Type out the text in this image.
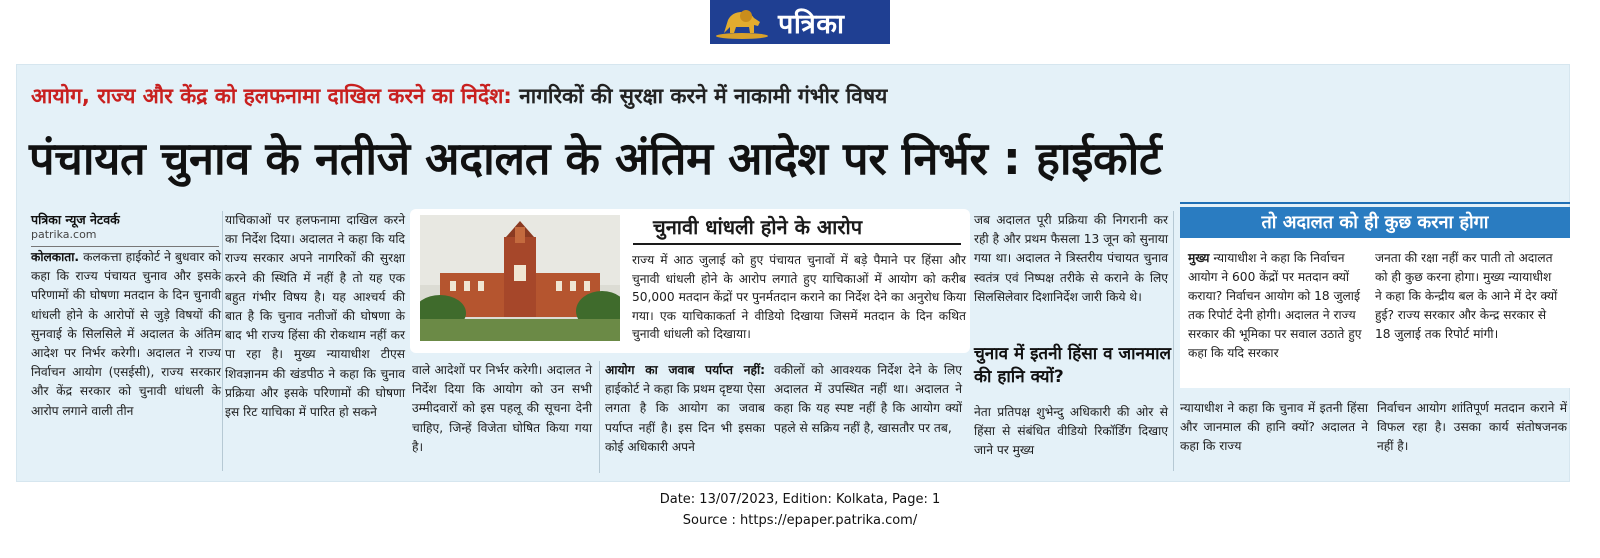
पत्रिका
आयोग, राज्य और केंद्र को हलफनामा दाखिल करने का निर्देश: नागरिकों की सुरक्षा करने में नाकामी गंभीर विषय
पंचायत चुनाव के नतीजे अदालत के अंतिम आदेश पर निर्भर : हाईकोर्ट
पत्रिका न्यूज नेटवर्क
patrika.com
कोलकाता. कलकत्ता हाईकोर्ट ने बुधवार को कहा कि राज्य पंचायत चुनाव और इसके परिणामों की घोषणा मतदान के दिन चुनावी धांधली होने के आरोपों से जुड़े विषयों की सुनवाई के सिलसिले में अदालत के अंतिम आदेश पर निर्भर करेगी। अदालत ने राज्य निर्वाचन आयोग (एसईसी), राज्य सरकार और केंद्र सरकार को चुनावी धांधली के आरोप लगाने वाली तीन
याचिकाओं पर हलफनामा दाखिल करने का निर्देश दिया। अदालत ने कहा कि यदि राज्य सरकार अपने नागरिकों की सुरक्षा करने की स्थिति में नहीं है तो यह एक बहुत गंभीर विषय है। यह आश्चर्य की बात है कि चुनाव नतीजों की घोषणा के बाद भी राज्य हिंसा की रोकथाम नहीं कर पा रहा है। मुख्य न्यायाधीश टीएस शिवज्ञानम की खंडपीठ ने कहा कि चुनाव प्रक्रिया और इसके परिणामों की घोषणा इस रिट याचिका में पारित हो सकने
चुनावी धांधली होने के आरोप
राज्य में आठ जुलाई को हुए पंचायत चुनावों में बड़े पैमाने पर हिंसा और चुनावी धांधली होने के आरोप लगाते हुए याचिकाओं में आयोग को करीब 50,000 मतदान केंद्रों पर पुनर्मतदान कराने का निर्देश देने का अनुरोध किया गया। एक याचिकाकर्ता ने वीडियो दिखाया जिसमें मतदान के दिन कथित चुनावी धांधली को दिखाया।
वाले आदेशों पर निर्भर करेगी। अदालत ने निर्देश दिया कि आयोग को उन सभी उम्मीदवारों को इस पहलू की सूचना देनी चाहिए, जिन्हें विजेता घोषित किया गया है।
आयोग का जवाब पर्याप्त नहीं: हाईकोर्ट ने कहा कि प्रथम दृष्टया ऐसा लगता है कि आयोग का जवाब पर्याप्त नहीं है। इस दिन भी इसका कोई अधिकारी अपने
वकीलों को आवश्यक निर्देश देने के लिए अदालत में उपस्थित नहीं था। अदालत ने कहा कि यह स्पष्ट नहीं है कि आयोग क्यों पहले से सक्रिय नहीं है, खासतौर पर तब,
जब अदालत पूरी प्रक्रिया की निगरानी कर रही है और प्रथम फैसला 13 जून को सुनाया गया था। अदालत ने त्रिस्तरीय पंचायत चुनाव स्वतंत्र एवं निष्पक्ष तरीके से कराने के लिए सिलसिलेवार दिशानिर्देश जारी किये थे।
चुनाव में इतनी हिंसा व जानमाल की हानि क्यों?
नेता प्रतिपक्ष शुभेन्दु अधिकारी की ओर से हिंसा से संबंधित वीडियो रिकॉर्डिंग दिखाए जाने पर मुख्य
तो अदालत को ही कुछ करना होगा
मुख्य न्यायाधीश ने कहा कि निर्वाचन आयोग ने 600 केंद्रों पर मतदान क्यों कराया? निर्वाचन आयोग को 18 जुलाई तक रिपोर्ट देनी होगी। अदालत ने राज्य सरकार की भूमिका पर सवाल उठाते हुए कहा कि यदि सरकार
जनता की रक्षा नहीं कर पाती तो अदालत को ही कुछ करना होगा। मुख्य न्यायाधीश ने कहा कि केन्द्रीय बल के आने में देर क्यों हुई? राज्य सरकार और केन्द्र सरकार से 18 जुलाई तक रिपोर्ट मांगी।
न्यायाधीश ने कहा कि चुनाव में इतनी हिंसा और जानमाल की हानि क्यों? अदालत ने कहा कि राज्य
निर्वाचन आयोग शांतिपूर्ण मतदान कराने में विफल रहा है। उसका कार्य संतोषजनक नहीं है।
Date: 13/07/2023, Edition: Kolkata, Page: 1
Source : https://epaper.patrika.com/
